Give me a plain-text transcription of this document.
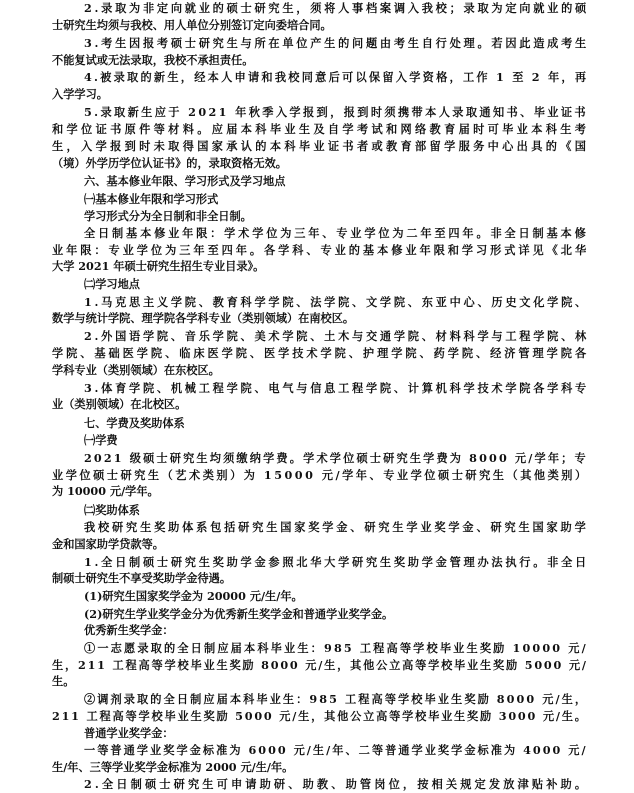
2.录取为非定向就业的硕士研究生，须将人事档案调入我校；录取为定向就业的硕
士研究生均须与我校、用人单位分别签订定向委培合同。
3.考生因报考硕士研究生与所在单位产生的问题由考生自行处理。若因此造成考生
不能复试或无法录取，我校不承担责任。
4.被录取的新生，经本人申请和我校同意后可以保留入学资格，工作 1 至 2 年，再
入学学习。
5.录取新生应于 2021 年秋季入学报到，报到时须携带本人录取通知书、毕业证书
和学位证书原件等材料。应届本科毕业生及自学考试和网络教育届时可毕业本科生考
生，入学报到时未取得国家承认的本科毕业证书者或教育部留学服务中心出具的《国
（境）外学历学位认证书》的，录取资格无效。
六、基本修业年限、学习形式及学习地点
㈠基本修业年限和学习形式
学习形式分为全日制和非全日制。
全日制基本修业年限：学术学位为三年、专业学位为二年至四年。非全日制基本修
业年限：专业学位为三年至四年。各学科、专业的基本修业年限和学习形式详见《北华
大学 2021 年硕士研究生招生专业目录》。
㈡学习地点
1.马克思主义学院、教育科学学院、法学院、文学院、东亚中心、历史文化学院、
数学与统计学院、理学院各学科专业（类别领域）在南校区。
2.外国语学院、音乐学院、美术学院、土木与交通学院、材料科学与工程学院、林
学院、基础医学院、临床医学院、医学技术学院、护理学院、药学院、经济管理学院各
学科专业（类别领域）在东校区。
3.体育学院、机械工程学院、电气与信息工程学院、计算机科学技术学院各学科专
业（类别领域）在北校区。
七、学费及奖助体系
㈠学费
2021 级硕士研究生均须缴纳学费。学术学位硕士研究生学费为 8000 元/学年；专
业学位硕士研究生（艺术类别）为 15000 元/学年、专业学位硕士研究生（其他类别）
为 10000 元/学年。
㈡奖助体系
我校研究生奖助体系包括研究生国家奖学金、研究生学业奖学金、研究生国家助学
金和国家助学贷款等。
1.全日制硕士研究生奖助学金参照北华大学研究生奖助学金管理办法执行。非全日
制硕士研究生不享受奖助学金待遇。
(1)研究生国家奖学金为 20000 元/生/年。
(2)研究生学业奖学金分为优秀新生奖学金和普通学业奖学金。
优秀新生奖学金：
①一志愿录取的全日制应届本科毕业生：985 工程高等学校毕业生奖励 10000 元/
生，211 工程高等学校毕业生奖励 8000 元/生，其他公立高等学校毕业生奖励 5000 元/
生。
②调剂录取的全日制应届本科毕业生：985 工程高等学校毕业生奖励 8000 元/生，
211 工程高等学校毕业生奖励 5000 元/生，其他公立高等学校毕业生奖励 3000 元/生。
普通学业奖学金：
一等普通学业奖学金标准为 6000 元/生/年、二等普通学业奖学金标准为 4000 元/
生/年、三等学业奖学金标准为 2000 元/生/年。
2.全日制硕士研究生可申请助研、助教、助管岗位，按相关规定发放津贴补助。
